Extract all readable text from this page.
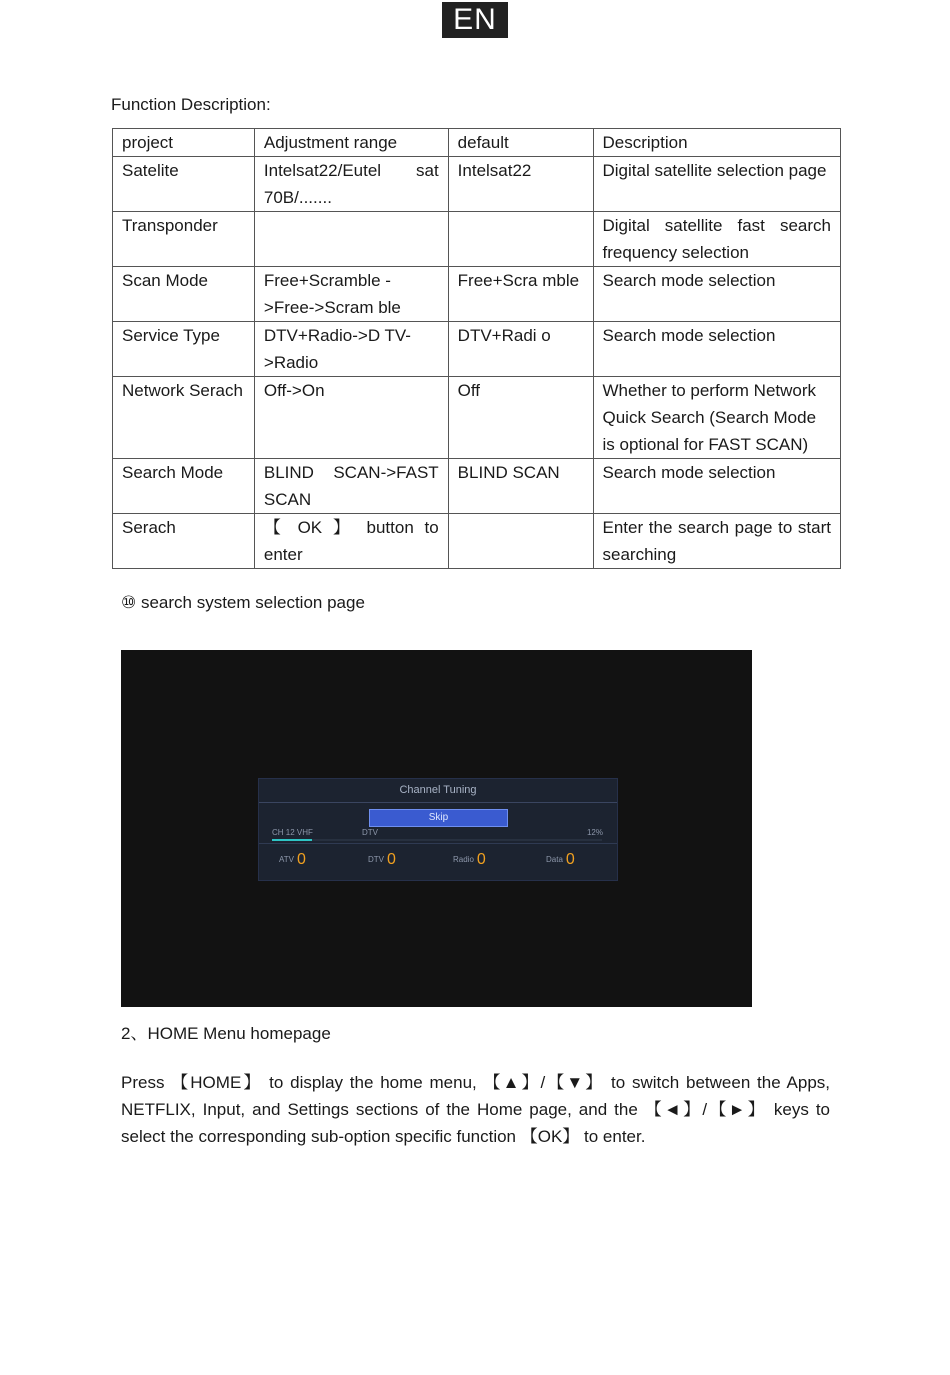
EN
Function Description:
project	Adjustment range	default	Description
Satelite	Intelsat22/Eutel sat 70B/.......	Intelsat22	Digital satellite selection page
Transponder			Digital satellite fast search frequency selection
Scan Mode	Free+Scramble ->Free->Scram ble	Free+Scra mble	Search mode selection
Service Type	DTV+Radio->D TV->Radio	DTV+Radi o	Search mode selection
Network Serach	Off->On	Off	Whether to perform Network Quick Search (Search Mode is optional for FAST SCAN)
Search Mode	BLIND SCAN->FAST SCAN	BLIND SCAN	Search mode selection
Serach	【 OK 】 button to enter		Enter the search page to start searching
⑩ search system selection page
Channel Tuning
Skip
CH 12 VHF	DTV	12%
ATV 0	DTV 0	Radio 0	Data 0
2、HOME Menu homepage
Press 【HOME】 to display the home menu, 【▲】/【▼】 to switch between the Apps, NETFLIX, Input, and Settings sections of the Home page, and the 【◄】/【►】 keys to select the corresponding sub-option specific function 【OK】 to enter.
